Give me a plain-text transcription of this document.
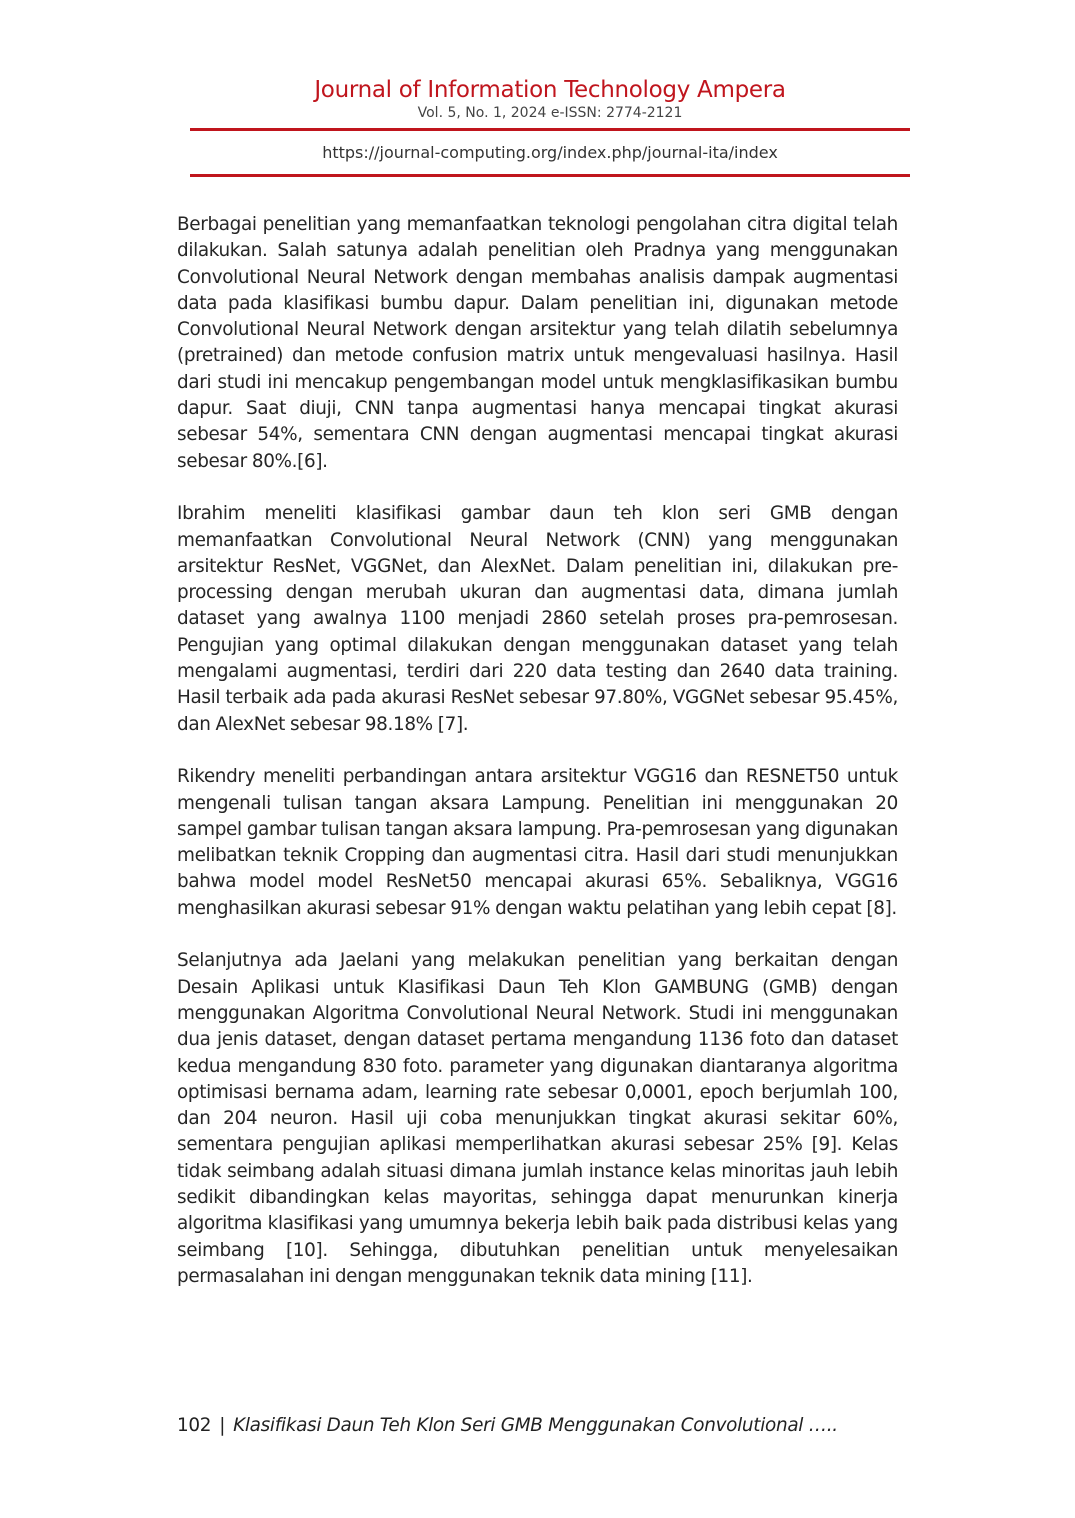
Journal of Information Technology Ampera
Vol. 5, No. 1, 2024 e-ISSN: 2774-2121
https://journal-computing.org/index.php/journal-ita/index

Berbagai penelitian yang memanfaatkan teknologi pengolahan citra digital telah dilakukan. Salah satunya adalah penelitian oleh Pradnya yang menggunakan Convolutional Neural Network dengan membahas analisis dampak augmentasi data pada klasifikasi bumbu dapur. Dalam penelitian ini, digunakan metode Convolutional Neural Network dengan arsitektur yang telah dilatih sebelumnya (pretrained) dan metode confusion matrix untuk mengevaluasi hasilnya. Hasil dari studi ini mencakup pengembangan model untuk mengklasifikasikan bumbu dapur. Saat diuji, CNN tanpa augmentasi hanya mencapai tingkat akurasi sebesar 54%, sementara CNN dengan augmentasi mencapai tingkat akurasi sebesar 80%.[6].

Ibrahim meneliti klasifikasi gambar daun teh klon seri GMB dengan memanfaatkan Convolutional Neural Network (CNN) yang menggunakan arsitektur ResNet, VGGNet, dan AlexNet. Dalam penelitian ini, dilakukan pre-processing dengan merubah ukuran dan augmentasi data, dimana jumlah dataset yang awalnya 1100 menjadi 2860 setelah proses pra-pemrosesan. Pengujian yang optimal dilakukan dengan menggunakan dataset yang telah mengalami augmentasi, terdiri dari 220 data testing dan 2640 data training. Hasil terbaik ada pada akurasi ResNet sebesar 97.80%, VGGNet sebesar 95.45%, dan AlexNet sebesar 98.18% [7].

Rikendry meneliti perbandingan antara arsitektur VGG16 dan RESNET50 untuk mengenali tulisan tangan aksara Lampung. Penelitian ini menggunakan 20 sampel gambar tulisan tangan aksara lampung. Pra-pemrosesan yang digunakan melibatkan teknik Cropping dan augmentasi citra. Hasil dari studi menunjukkan bahwa model model ResNet50 mencapai akurasi 65%. Sebaliknya, VGG16 menghasilkan akurasi sebesar 91% dengan waktu pelatihan yang lebih cepat [8].

Selanjutnya ada Jaelani yang melakukan penelitian yang berkaitan dengan Desain Aplikasi untuk Klasifikasi Daun Teh Klon GAMBUNG (GMB) dengan menggunakan Algoritma Convolutional Neural Network. Studi ini menggunakan dua jenis dataset, dengan dataset pertama mengandung 1136 foto dan dataset kedua mengandung 830 foto. parameter yang digunakan diantaranya algoritma optimisasi bernama adam, learning rate sebesar 0,0001, epoch berjumlah 100, dan 204 neuron. Hasil uji coba menunjukkan tingkat akurasi sekitar 60%, sementara pengujian aplikasi memperlihatkan akurasi sebesar 25% [9]. Kelas tidak seimbang adalah situasi dimana jumlah instance kelas minoritas jauh lebih sedikit dibandingkan kelas mayoritas, sehingga dapat menurunkan kinerja algoritma klasifikasi yang umumnya bekerja lebih baik pada distribusi kelas yang seimbang [10]. Sehingga, dibutuhkan penelitian untuk menyelesaikan permasalahan ini dengan menggunakan teknik data mining [11].

102 | Klasifikasi Daun Teh Klon Seri GMB Menggunakan Convolutional …..
